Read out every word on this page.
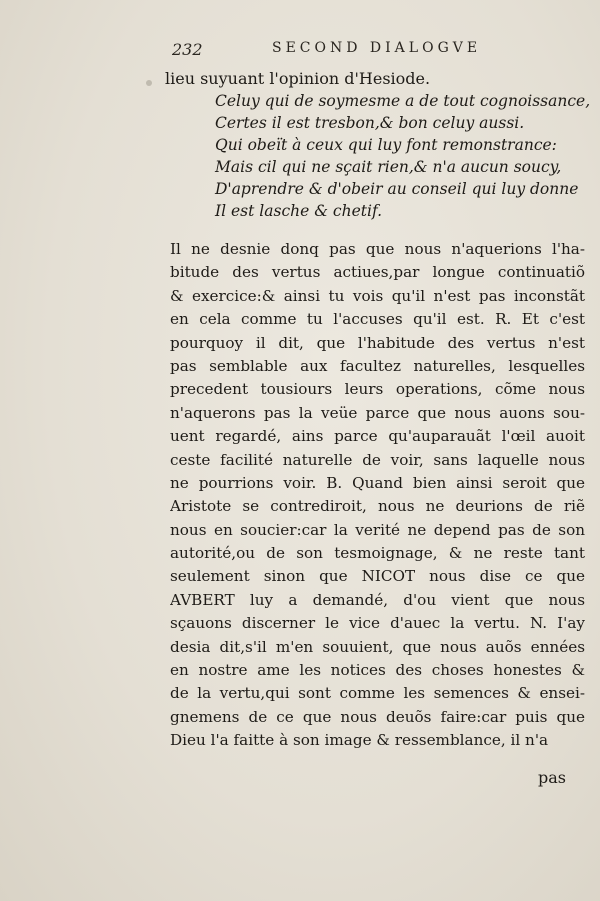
232	SECOND DIALOGVE
lieu suyuant l'opinion d'Hesiode.
Celuy qui de soymesme a de tout cognoissance,
Certes il est tresbon,& bon celuy aussi.
Qui obeït à ceux qui luy font remonstrance:
Mais cil qui ne sçait rien,& n'a aucun soucy,
D'aprendre & d'obeir au conseil qui luy donne
Il est lasche & chetif.
Il ne desnie donq pas que nous n'aquerions l'ha-
bitude des vertus actiues,par longue continuatiõ
& exercice:& ainsi tu vois qu'il n'est pas inconstãt
en cela comme tu l'accuses qu'il est. R. Et c'est
pourquoy il dit, que l'habitude des vertus n'est
pas semblable aux facultez naturelles, lesquelles
precedent tousiours leurs operations, cõme nous
n'aquerons pas la veüe parce que nous auons sou-
uent regardé, ains parce qu'auparauãt l'œil auoit
ceste facilité naturelle de voir, sans laquelle nous
ne pourrions voir. B. Quand bien ainsi seroit que
Aristote se contrediroit, nous ne deurions de riẽ
nous en soucier:car la verité ne depend pas de son
autorité,ou de son tesmoignage, & ne reste tant
seulement sinon que NICOT nous dise ce que
AVBERT luy a demandé, d'ou vient que nous
sçauons discerner le vice d'auec la vertu. N. I'ay
desia dit,s'il m'en souuient, que nous auõs ennées
en nostre ame les notices des choses honestes &
de la vertu,qui sont comme les semences & ensei-
gnemens de ce que nous deuõs faire:car puis que
Dieu l'a faitte à son image & ressemblance, il n'a
pas
